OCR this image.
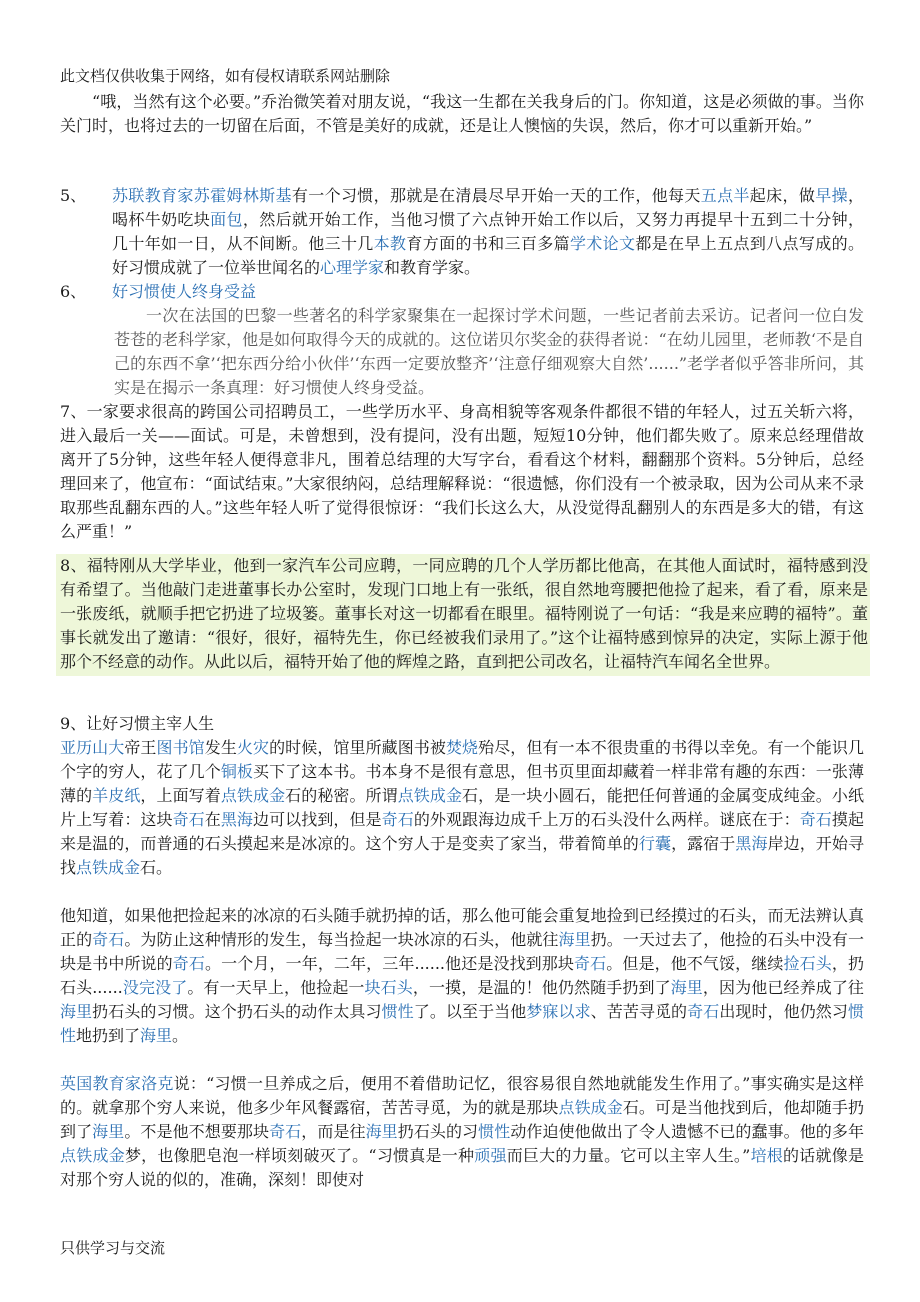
此文档仅供收集于网络，如有侵权请联系网站删除
“哦，当然有这个必要。”乔治微笑着对朋友说，“我这一生都在关我身后的门。你知道，这是必须做的事。当你关门时，也将过去的一切留在后面，不管是美好的成就，还是让人懊恼的失误，然后，你才可以重新开始。”
5、	苏联教育家苏霍姆林斯基有一个习惯，那就是在清晨尽早开始一天的工作，他每天五点半起床，做早操，喝杯牛奶吃块面包，然后就开始工作，当他习惯了六点钟开始工作以后，又努力再提早十五到二十分钟，几十年如一日，从不间断。他三十几本教育方面的书和三百多篇学术论文都是在早上五点到八点写成的。好习惯成就了一位举世闻名的心理学家和教育学家。
6、	好习惯使人终身受益

一次在法国的巴黎一些著名的科学家聚集在一起探讨学术问题，一些记者前去采访。记者问一位白发苍苍的老科学家，他是如何取得今天的成就的。这位诺贝尔奖金的获得者说：“在幼儿园里，老师教‘不是自己的东西不拿’‘把东西分给小伙伴’‘东西一定要放整齐’‘注意仔细观察大自然’......”老学者似乎答非所问，其实是在揭示一条真理：好习惯使人终身受益。

7、一家要求很高的跨国公司招聘员工，一些学历水平、身高相貌等客观条件都很不错的年轻人，过五关斩六将，进入最后一关——面试。可是，未曾想到，没有提问，没有出题，短短10分钟，他们都失败了。原来总经理借故离开了5分钟，这些年轻人便得意非凡，围着总结理的大写字台，看看这个材料，翻翻那个资料。5分钟后，总经理回来了，他宣布：“面试结束。”大家很纳闷，总结理解释说：“很遗憾，你们没有一个被录取，因为公司从来不录取那些乱翻东西的人。”这些年轻人听了觉得很惊讶：“我们长这么大，从没觉得乱翻别人的东西是多大的错，有这么严重！”
8、福特刚从大学毕业，他到一家汽车公司应聘，一同应聘的几个人学历都比他高，在其他人面试时，福特感到没有希望了。当他敲门走进董事长办公室时，发现门口地上有一张纸，很自然地弯腰把他捡了起来，看了看，原来是一张废纸，就顺手把它扔进了垃圾篓。董事长对这一切都看在眼里。福特刚说了一句话：“我是来应聘的福特”。董事长就发出了邀请：“很好，很好，福特先生，你已经被我们录用了。”这个让福特感到惊异的决定，实际上源于他那个不经意的动作。从此以后，福特开始了他的辉煌之路，直到把公司改名，让福特汽车闻名全世界。
9、让好习惯主宰人生
亚历山大帝王图书馆发生火灾的时候，馆里所藏图书被焚烧殆尽，但有一本不很贵重的书得以幸免。有一个能识几个字的穷人，花了几个铜板买下了这本书。书本身不是很有意思，但书页里面却藏着一样非常有趣的东西：一张薄薄的羊皮纸，上面写着点铁成金石的秘密。所谓点铁成金石，是一块小圆石，能把任何普通的金属变成纯金。小纸片上写着：这块奇石在黑海边可以找到，但是奇石的外观跟海边成千上万的石头没什么两样。谜底在于：奇石摸起来是温的，而普通的石头摸起来是冰凉的。这个穷人于是变卖了家当，带着简单的行囊，露宿于黑海岸边，开始寻找点铁成金石。
他知道，如果他把捡起来的冰凉的石头随手就扔掉的话，那么他可能会重复地捡到已经摸过的石头，而无法辨认真正的奇石。为防止这种情形的发生，每当捡起一块冰凉的石头，他就往海里扔。一天过去了，他捡的石头中没有一块是书中所说的奇石。一个月，一年，二年，三年......他还是没找到那块奇石。但是，他不气馁，继续捡石头，扔石头......没完没了。有一天早上，他捡起一块石头，一摸，是温的！他仍然随手扔到了海里，因为他已经养成了往海里扔石头的习惯。这个扔石头的动作太具习惯性了。以至于当他梦寐以求、苦苦寻觅的奇石出现时，他仍然习惯性地扔到了海里。
英国教育家洛克说：“习惯一旦养成之后，便用不着借助记忆，很容易很自然地就能发生作用了。”事实确实是这样的。就拿那个穷人来说，他多少年风餐露宿，苦苦寻觅，为的就是那块点铁成金石。可是当他找到后，他却随手扔到了海里。不是他不想要那块奇石，而是往海里扔石头的习惯性动作迫使他做出了令人遗憾不已的蠢事。他的多年点铁成金梦，也像肥皂泡一样顷刻破灭了。“习惯真是一种顽强而巨大的力量。它可以主宰人生。”培根的话就像是对那个穷人说的似的，准确，深刻！即使对
只供学习与交流
